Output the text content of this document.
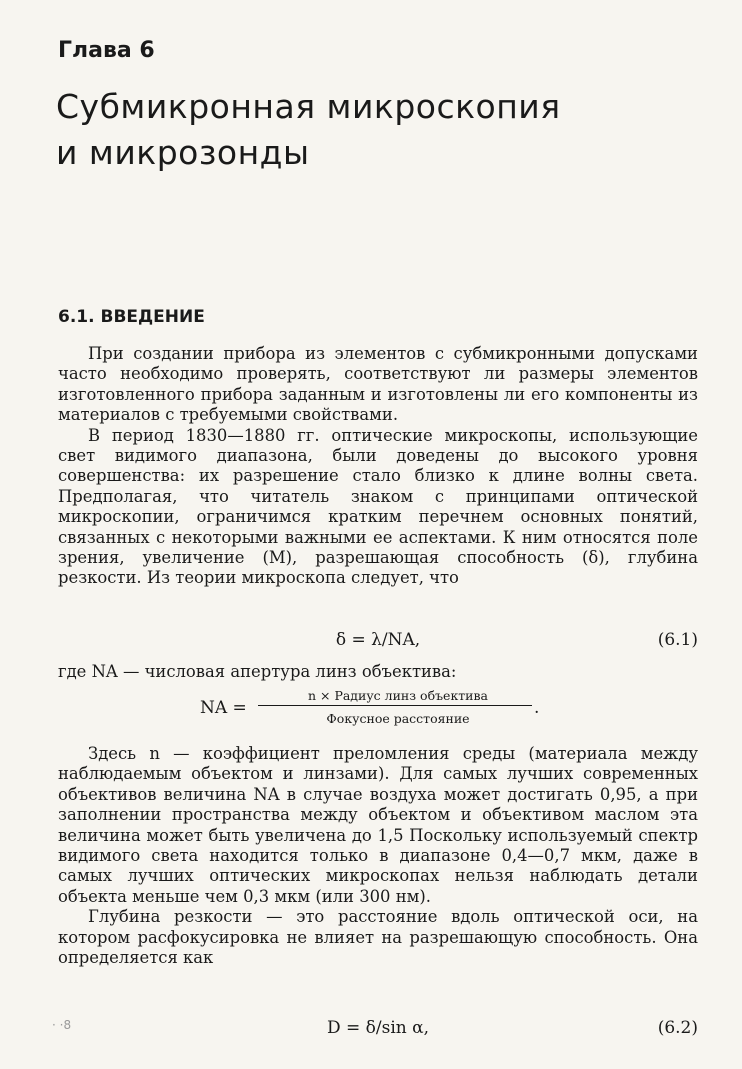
Глава 6
Субмикронная микроскопия
и микрозонды
6.1. ВВЕДЕНИЕ

При создании прибора из элементов с субмикронными допусками часто необходимо проверять, соответствуют ли размеры элементов изготовленного прибора заданным и изготовлены ли его компоненты из материалов с требуемыми свойствами.

В период 1830—1880 гг. оптические микроскопы, использующие свет видимого диапазона, были доведены до высокого уровня совершенства: их разрешение стало близко к длине волны света. Предполагая, что читатель знаком с принципами оптической микроскопии, ограничимся кратким перечнем основных понятий, связанных с некоторыми важными ее аспектами. К ним относятся поле зрения, увеличение (M), разрешающая способность (δ), глубина резкости. Из теории микроскопа следует, что

δ = λ/NA,	(6.1)

где NA — числовая апертура линз объектива:

NA =
n × Радиус линз объектива
Фокусное расстояние
.

Здесь n — коэффициент преломления среды (материала между наблюдаемым объектом и линзами). Для самых лучших современных объективов величина NA в случае воздуха может достигать 0,95, а при заполнении пространства между объектом и объективом маслом эта величина может быть увеличена до 1,5 Поскольку используемый спектр видимого света находится только в диапазоне 0,4—0,7 мкм, даже в самых лучших оптических микроскопах нельзя наблюдать детали объекта меньше чем 0,3 мкм (или 300 нм).

Глубина резкости — это расстояние вдоль оптической оси, на котором расфокусировка не влияет на разрешающую способность. Она определяется как

D = δ/sin α,	(6.2)
· ·8
